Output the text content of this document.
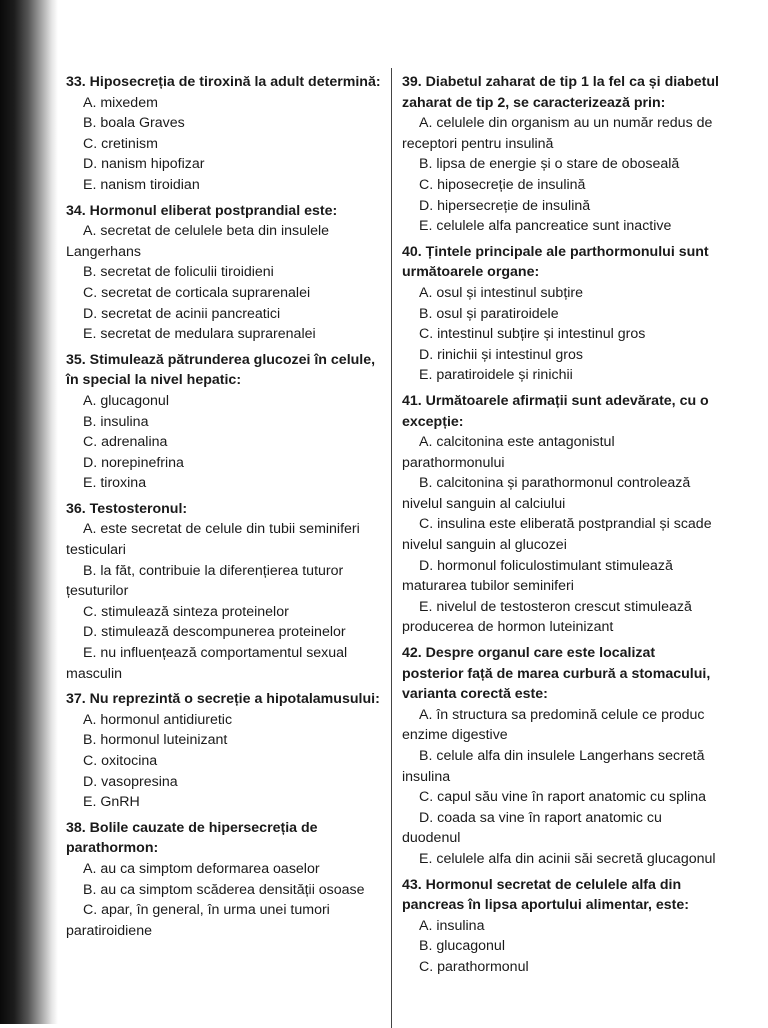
33. Hiposecreția de tiroxină la adult determină:
A. mixedem
B. boala Graves
C. cretinism
D. nanism hipofizar
E. nanism tiroidian
34. Hormonul eliberat postprandial este:
A. secretat de celulele beta din insulele Langerhans
B. secretat de foliculii tiroidieni
C. secretat de corticala suprarenalei
D. secretat de acinii pancreatici
E. secretat de medulara suprarenalei
35. Stimulează pătrunderea glucozei în celule, în special la nivel hepatic:
A. glucagonul
B. insulina
C. adrenalina
D. norepinefrina
E. tiroxina
36. Testosteronul:
A. este secretat de celule din tubii seminiferi testiculari
B. la făt, contribuie la diferențierea tuturor țesuturilor
C. stimulează sinteza proteinelor
D. stimulează descompunerea proteinelor
E. nu influențează comportamentul sexual masculin
37. Nu reprezintă o secreție a hipotalamusului:
A. hormonul antidiuretic
B. hormonul luteinizant
C. oxitocina
D. vasopresina
E. GnRH
38. Bolile cauzate de hipersecreția de parathormon:
A. au ca simptom deformarea oaselor
B. au ca simptom scăderea densității osoase
C. apar, în general, în urma unei tumori paratiroidiene
39. Diabetul zaharat de tip 1 la fel ca și diabetul zaharat de tip 2, se caracterizează prin:
A. celulele din organism au un număr redus de receptori pentru insulină
B. lipsa de energie și o stare de oboseală
C. hiposecreție de insulină
D. hipersecreție de insulină
E. celulele alfa pancreatice sunt inactive
40. Țintele principale ale parthormonului sunt următoarele organe:
A. osul și intestinul subțire
B. osul și paratiroidele
C. intestinul subțire și intestinul gros
D. rinichii și intestinul gros
E. paratiroidele și rinichii
41. Următoarele afirmații sunt adevărate, cu o excepție:
A. calcitonina este antagonistul parathormonului
B. calcitonina și parathormonul controlează nivelul sanguin al calciului
C. insulina este eliberată postprandial și scade nivelul sanguin al glucozei
D. hormonul foliculostimulant stimulează maturarea tubilor seminiferi
E. nivelul de testosteron crescut stimulează producerea de hormon luteinizant
42. Despre organul care este localizat posterior față de marea curbură a stomacului, varianta corectă este:
A. în structura sa predomină celule ce produc enzime digestive
B. celule alfa din insulele Langerhans secretă insulina
C. capul său vine în raport anatomic cu splina
D. coada sa vine în raport anatomic cu duodenul
E. celulele alfa din acinii săi secretă glucagonul
43. Hormonul secretat de celulele alfa din pancreas în lipsa aportului alimentar, este:
A. insulina
B. glucagonul
C. parathormonul
